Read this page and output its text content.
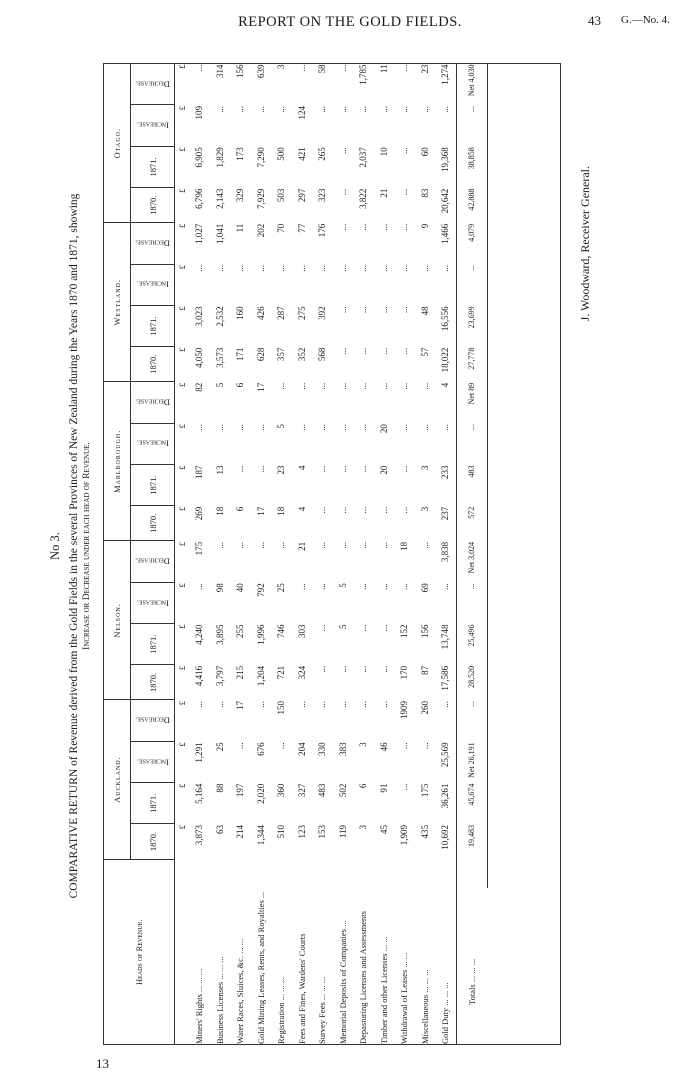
REPORT ON THE GOLD FIELDS.	43 G.—No. 4.
13
No 3. COMPARATIVE RETURN of Revenue derived from the Gold Fields in the several Provinces of New Zealand during the Years 1870 and 1871, showing Increase or Decrease under each head of Revenue.
Heads of Revenue.		Auckland.				Nelson.				Marlborough.				Westland.				Otago.			
		1870.	1871.	Increase.	Decrease.	1870.	1871.	Increase.	Decrease.	1870.	1871.	Increase.	Decrease.	1870.	1871.	Increase.	Decrease.	1870.	1871.	Increase.	Decrease.
		£	£	£	£	£	£	£	£	£	£	£	£	£	£	£	£	£	£	£	£
Miners' Rights ... ... ...		3,873	5,164	1,291	...	4,416	4,240	...	175	269	187	...	82	4,050	3,023	...	1,027	6,796	6,905	109	...
Business Licenses ... ... ...		63	88	25	...	3,797	3,895	98	...	18	13	...	5	3,573	2,532	...	1,041	2,143	1,829	...	314
Water Races, Sluices, &c. ... ...		214	197	...	17	215	255	40	...	6	...	...	6	171	160	...	11	329	173	...	156
Gold Mining Leases, Rents, and Royalties ...		1,344	2,020	676	...	1,204	1,996	792	...	17	...	...	17	628	426	...	202	7,929	7,290	...	639
Registration ... ... ...		510	360	...	150	721	746	25	...	18	23	5	...	357	287	...	70	503	500	...	3
Fees and Fines, Wardens' Courts		123	327	204	...	324	303	...	21	4	4	...	...	352	275	...	77	297	421	124	...
Survey Fees ... ... ...		153	483	330	...	...	...	...	...	...	...	...	...	568	392	...	176	323	265	...	58
Memorial Deposits of Companies ...		119	502	383	...	...	5	5	...	...	...	...	...	...	...	...	...	...	...	...	...
Depasturing Licenses and Assessments		3	6	3	...	...	...	...	...	...	...	...	...	...	...	...	...	3,822	2,037	...	1,785
Timber and other Licenses ... ...		45	91	46	...	...	...	...	...	...	20	20	...	...	...	...	...	21	10	...	11
Withdrawal of Leases ... ...		1,909	...	...	1909	170	152	...	18	...	...	...	...	...	...	...	...	...	...	...	...
Miscellaneous ... ... ...		435	175	...	260	87	156	69	...	3	3	...	...	57	48	...	9	83	60	...	23
Gold Duty ... ... ...		10,692	36,261	25,569	...	17,586	13,748	...	3,838	237	233	...	4	18,022	16,556	...	1,466	20,642	19,368	...	1,274
Totals ... ... ...		19,483	45,674	Net 26,191	...	28,520	25,496	...	Net 3,024	572	483	...	Net 89	27,778	23,699	...	4,079	42,888	38,858	...	Net 4,030
J. Woodward, Receiver General.
